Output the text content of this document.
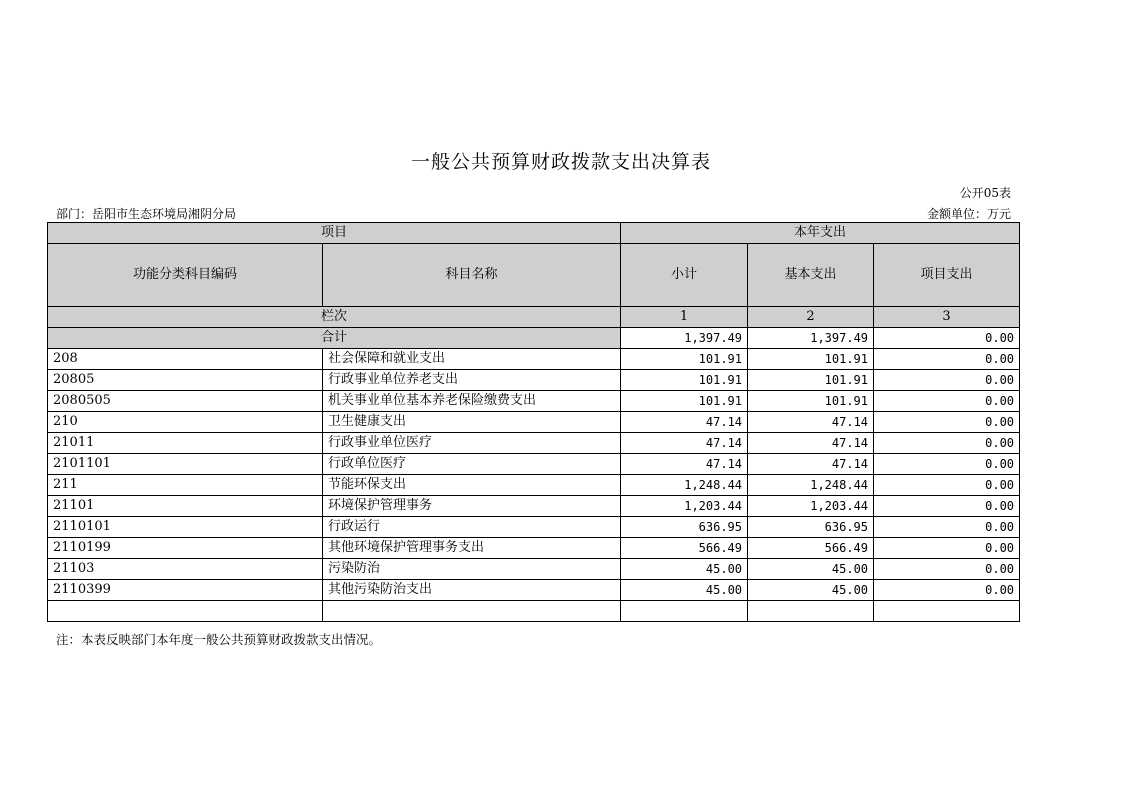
一般公共预算财政拨款支出决算表
公开05表
部门：岳阳市生态环境局湘阴分局	金额单位：万元
项目		本年支出		
功能分类科目编码	科目名称	小计	基本支出	项目支出
栏次		1	2	3
合计		1,397.49	1,397.49	0.00
208	社会保障和就业支出	101.91	101.91	0.00
20805	行政事业单位养老支出	101.91	101.91	0.00
2080505	机关事业单位基本养老保险缴费支出	101.91	101.91	0.00
210	卫生健康支出	47.14	47.14	0.00
21011	行政事业单位医疗	47.14	47.14	0.00
2101101	行政单位医疗	47.14	47.14	0.00
211	节能环保支出	1,248.44	1,248.44	0.00
21101	环境保护管理事务	1,203.44	1,203.44	0.00
2110101	行政运行	636.95	636.95	0.00
2110199	其他环境保护管理事务支出	566.49	566.49	0.00
21103	污染防治	45.00	45.00	0.00
2110399	其他污染防治支出	45.00	45.00	0.00

注：本表反映部门本年度一般公共预算财政拨款支出情况。
